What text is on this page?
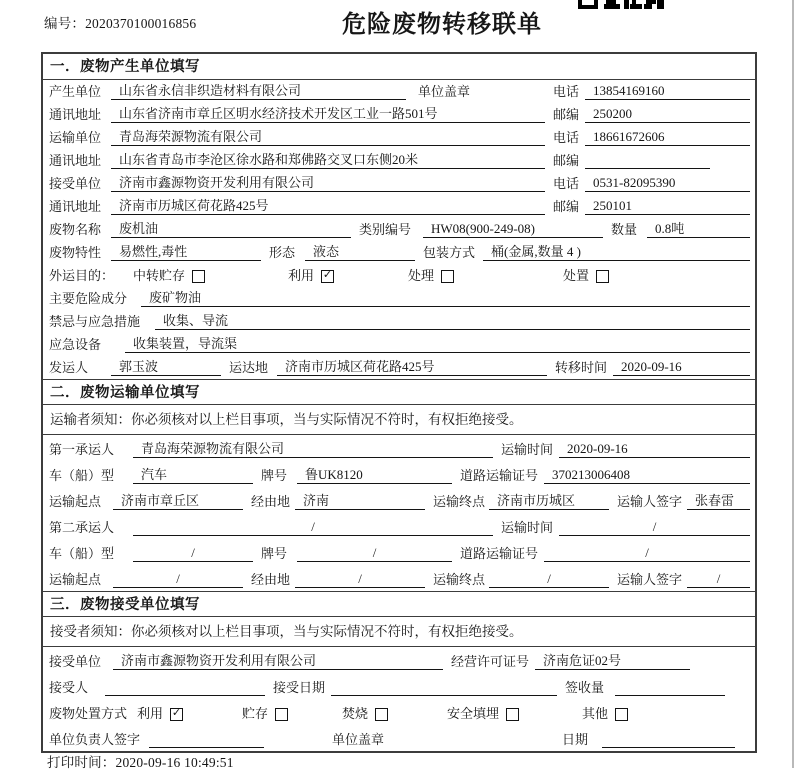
编号：2020370100016856	危险废物转移联单
一．废物产生单位填写
产生单位	山东省永信非织造材料有限公司	单位盖章	电话	13854169160
通讯地址	山东省济南市章丘区明水经济技术开发区工业一路501号	邮编	250200
运输单位	青岛海荣源物流有限公司	电话	18661672606
通讯地址	山东省青岛市李沧区徐水路和郑佛路交叉口东侧20米	邮编
接受单位	济南市鑫源物资开发利用有限公司	电话	0531-82095390
通讯地址	济南市历城区荷花路425号	邮编	250101
废物名称	废机油	类别编号	HW08(900-249-08)	数量	0.8吨
废物特性	易燃性,毒性	形态	液态	包装方式	桶(金属,数量 4 )
外运目的：	中转贮存	利用 ✓	处理	处置
主要危险成分	废矿物油
禁忌与应急措施	收集、导流
应急设备	收集装置，导流渠
发运人	郭玉波	运达地	济南市历城区荷花路425号	转移时间	2020-09-16
二．废物运输单位填写
运输者须知：你必须核对以上栏目事项，当与实际情况不符时，有权拒绝接受。
第一承运人	青岛海荣源物流有限公司	运输时间	2020-09-16
车（船）型	汽车	牌号	鲁UK8120	道路运输证号	370213006408
运输起点	济南市章丘区	经由地 济南	运输终点 济南市历城区	运输人签字 张春雷
第二承运人	/	运输时间	/
车（船）型	/	牌号	/	道路运输证号	/
运输起点	/	经由地	/	运输终点	/	运输人签字	/
三．废物接受单位填写
接受者须知：你必须核对以上栏目事项，当与实际情况不符时，有权拒绝接受。
接受单位	济南市鑫源物资开发利用有限公司	经营许可证号	济南危证02号
接受人	接受日期	签收量
废物处置方式 利用 ✓	贮存	焚烧	安全填埋	其他
单位负责人签字	单位盖章	日期
打印时间：2020-09-16 10:49:51
